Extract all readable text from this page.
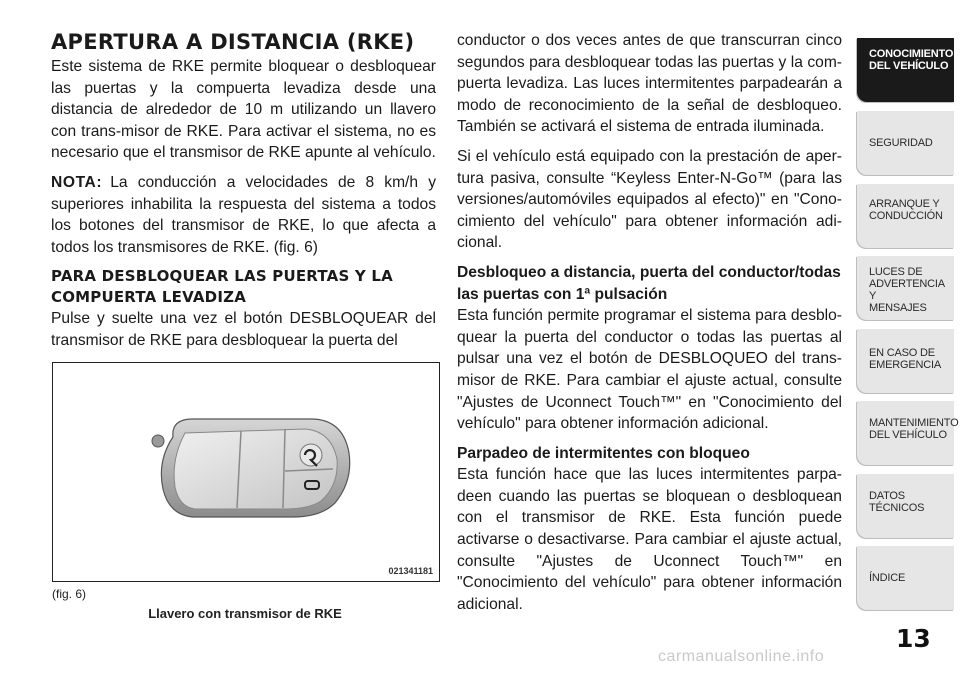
APERTURA A DISTANCIA (RKE)

Este sistema de RKE permite bloquear o desbloquear las puertas y la compuerta levadiza desde una distancia de alrededor de 10 m utilizando un llavero con trans-misor de RKE. Para activar el sistema, no es necesario que el transmisor de RKE apunte al vehículo.

NOTA: La conducción a velocidades de 8 km/h y superiores inhabilita la respuesta del sistema a todos los botones del transmisor de RKE, lo que afecta a todos los transmisores de RKE. (fig. 6)

PARA DESBLOQUEAR LAS PUERTAS Y LA COMPUERTA LEVADIZA

Pulse y suelte una vez el botón DESBLOQUEAR del transmisor de RKE para desbloquear la puerta del

021341181
(fig. 6)
Llavero con transmisor de RKE

conductor o dos veces antes de que transcurran cinco segundos para desbloquear todas las puertas y la com-puerta levadiza. Las luces intermitentes parpadearán a modo de reconocimiento de la señal de desbloqueo. También se activará el sistema de entrada iluminada.

Si el vehículo está equipado con la prestación de aper-tura pasiva, consulte “Keyless Enter-N-Go™ (para las versiones/automóviles equipados al efecto)" en "Cono-cimiento del vehículo" para obtener información adi-cional.

Desbloqueo a distancia, puerta del conductor/todas las puertas con 1ª pulsación

Esta función permite programar el sistema para desblo-quear la puerta del conductor o todas las puertas al pulsar una vez el botón de DESBLOQUEO del trans-misor de RKE. Para cambiar el ajuste actual, consulte "Ajustes de Uconnect Touch™" en "Conocimiento del vehículo" para obtener información adicional.

Parpadeo de intermitentes con bloqueo

Esta función hace que las luces intermitentes parpa-deen cuando las puertas se bloquean o desbloquean con el transmisor de RKE. Esta función puede activarse o desactivarse. Para cambiar el ajuste actual, consulte "Ajustes de Uconnect Touch™" en "Conocimiento del vehículo" para obtener información adicional.

CONOCIMIENTO
DEL VEHÍCULO
SEGURIDAD
ARRANQUE Y
CONDUCCIÓN
LUCES DE
ADVERTENCIA Y
MENSAJES
EN CASO DE
EMERGENCIA
MANTENIMIENTO
DEL VEHÍCULO
DATOS
TÉCNICOS
ÍNDICE
13
carmanualsonline.info
